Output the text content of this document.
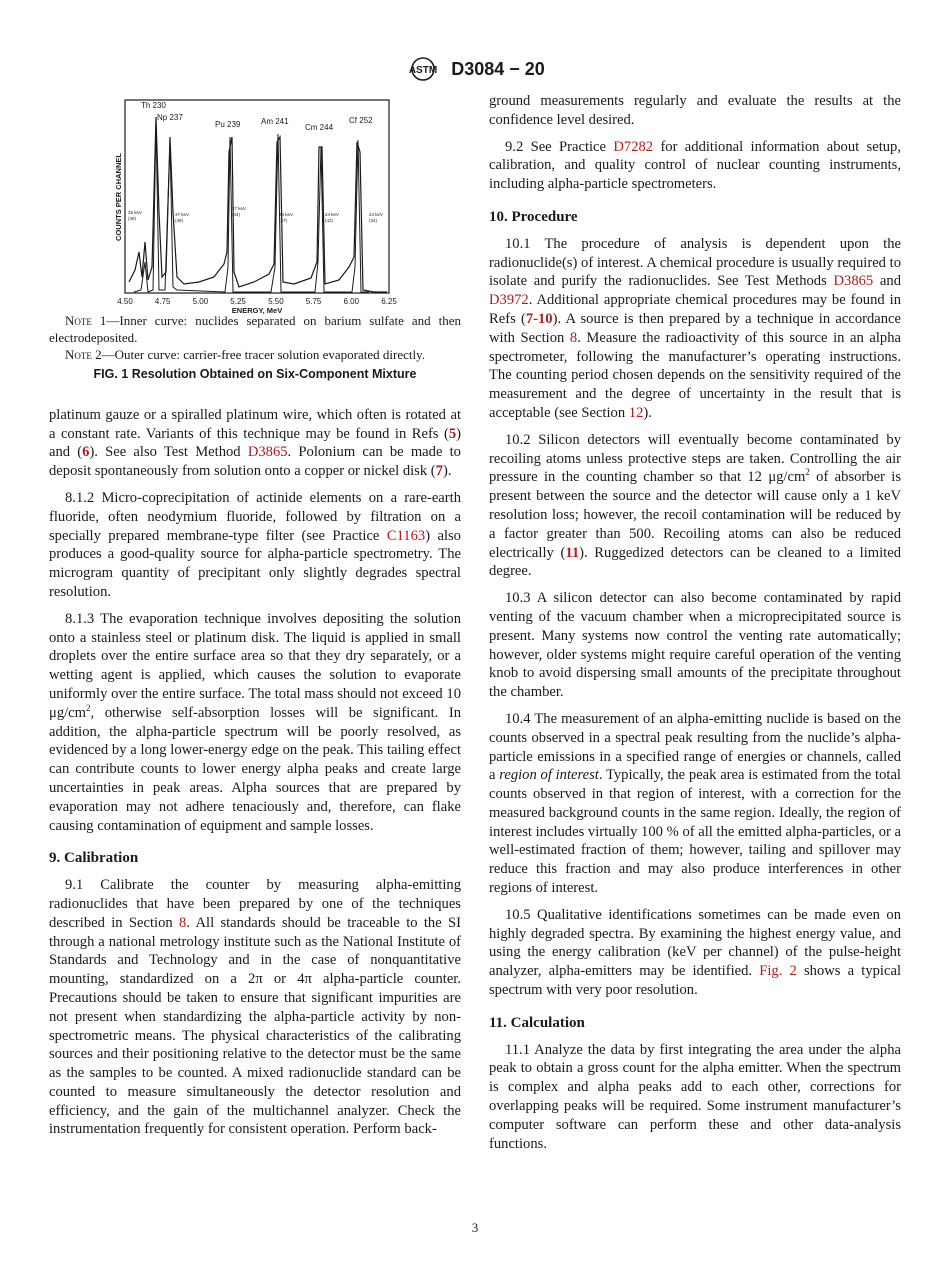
ASTM D3084 − 20
COUNTS PER CHANNEL
4.50	4.75	5.00	5.25	5.50	5.75	6.00	6.25
ENERGY, MeV
Th 230
Np 237
Pu 239	Am 241
Cm 244
Cf 252
25 keV
(39)
37 keV
(49)
27 keV
(44)	24 keV
(37)
24 keV
(42)
24 keV
(34)

Note 1—Inner curve: nuclides separated on barium sulfate and then electrodeposited.

Note 2—Outer curve: carrier-free tracer solution evaporated directly.

FIG. 1 Resolution Obtained on Six-Component Mixture

platinum gauze or a spiralled platinum wire, which often is rotated at a constant rate. Variants of this technique may be found in Refs (5) and (6). See also Test Method D3865. Polonium can be made to deposit spontaneously from solution onto a copper or nickel disk (7).

8.1.2 Micro-coprecipitation of actinide elements on a rare-earth fluoride, often neodymium fluoride, followed by filtration on a specially prepared membrane-type filter (see Practice C1163) also produces a good-quality source for alpha-particle spectrometry. The microgram quantity of precipitant only slightly degrades spectral resolution.

8.1.3 The evaporation technique involves depositing the solution onto a stainless steel or platinum disk. The liquid is applied in small droplets over the entire surface area so that they dry separately, or a wetting agent is applied, which causes the solution to evaporate uniformly over the entire surface. The total mass should not exceed 10 $\mu g/cm^2$, otherwise self-absorption losses will be significant. In addition, the alpha-particle spectrum will be poorly resolved, as evidenced by a long lower-energy edge on the peak. This tailing effect can contribute counts to lower energy alpha peaks and create large uncertainties in peak areas. Alpha sources that are prepared by evaporation may not adhere tenaciously and, therefore, can flake causing contamination of equipment and sample losses.

9. Calibration

9.1 Calibrate the counter by measuring alpha-emitting radionuclides that have been prepared by one of the techniques described in Section 8. All standards should be traceable to the SI through a national metrology institute such as the National Institute of Standards and Technology and in the case of nonquantitative mounting, standardized on a 2π or 4π alpha-particle counter. Precautions should be taken to ensure that significant impurities are not present when standardizing the alpha-particle activity by non-spectrometric means. The physical characteristics of the calibrating sources and their positioning relative to the detector must be the same as the samples to be counted. A mixed radionuclide standard can be counted to measure simultaneously the detector resolution and efficiency, and the gain of the multichannel analyzer. Check the instrumentation frequently for consistent operation. Perform back-

ground measurements regularly and evaluate the results at the confidence level desired.

9.2 See Practice D7282 for additional information about setup, calibration, and quality control of nuclear counting instruments, including alpha-particle spectrometers.

10. Procedure

10.1 The procedure of analysis is dependent upon the radionuclide(s) of interest. A chemical procedure is usually required to isolate and purify the radionuclides. See Test Methods D3865 and D3972. Additional appropriate chemical procedures may be found in Refs (7-10). A source is then prepared by a technique in accordance with Section 8. Measure the radioactivity of this source in an alpha spectrometer, following the manufacturer’s operating instructions. The counting period chosen depends on the sensitivity required of the measurement and the degree of uncertainty in the result that is acceptable (see Section 12).

10.2 Silicon detectors will eventually become contaminated by recoiling atoms unless protective steps are taken. Controlling the air pressure in the counting chamber so that 12 $\mu g/cm^2$ of absorber is present between the source and the detector will cause only a 1 keV resolution loss; however, the recoil contamination will be reduced by a factor greater than 500. Recoiling atoms can also be reduced electrically (11). Ruggedized detectors can be cleaned to a limited degree.

10.3 A silicon detector can also become contaminated by rapid venting of the vacuum chamber when a microprecipitated source is present. Many systems now control the venting rate automatically; however, older systems might require careful operation of the venting knob to avoid dispersing small amounts of the precipitate throughout the chamber.

10.4 The measurement of an alpha-emitting nuclide is based on the counts observed in a spectral peak resulting from the nuclide’s alpha-particle emissions in a specified range of energies or channels, called a region of interest. Typically, the peak area is estimated from the total counts observed in that region of interest, with a correction for the measured background counts in the same region. Ideally, the region of interest includes virtually 100 % of all the emitted alpha-particles, or a well-estimated fraction of them; however, tailing and spillover may reduce this fraction and may also produce interferences in other regions of interest.

10.5 Qualitative identifications sometimes can be made even on highly degraded spectra. By examining the highest energy value, and using the energy calibration (keV per channel) of the pulse-height analyzer, alpha-emitters may be identified. Fig. 2 shows a typical spectrum with very poor resolution.

11. Calculation

11.1 Analyze the data by first integrating the area under the alpha peak to obtain a gross count for the alpha emitter. When the spectrum is complex and alpha peaks add to each other, corrections for overlapping peaks will be required. Some instrument manufacturer’s computer software can perform these and other data-analysis functions.

3
